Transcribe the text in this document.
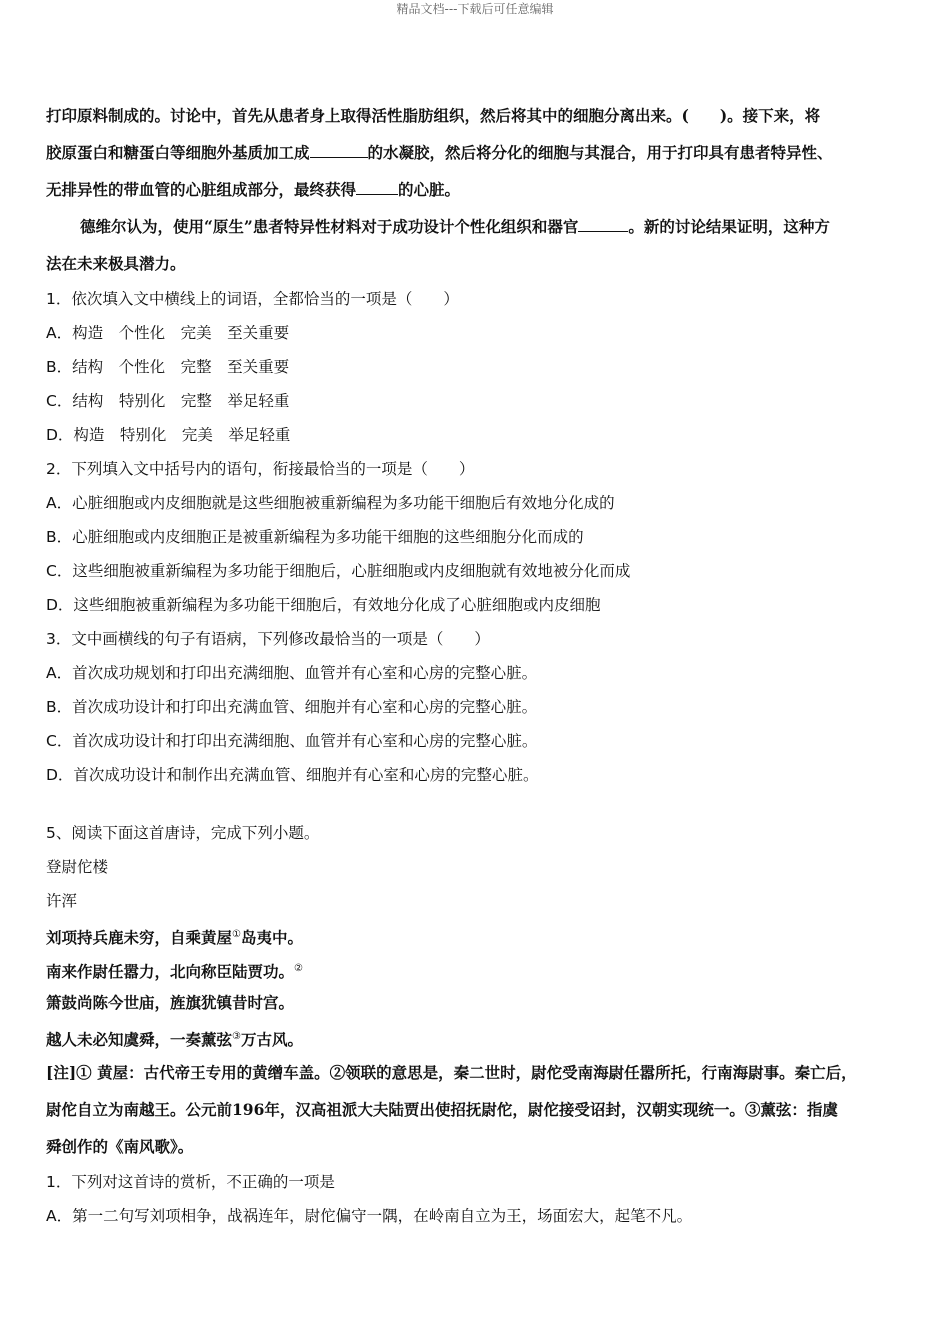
精品文档---下载后可任意编辑
打印原料制成的。讨论中，首先从患者身上取得活性脂肪组织，然后将其中的细胞分离出来。(　　)。接下来，将
胶原蛋白和糖蛋白等细胞外基质加工成	的水凝胶，然后将分化的细胞与其混合，用于打印具有患者特异性、
无排异性的带血管的心脏组成部分，最终获得	的心脏。
德维尔认为，使用“原生”患者特异性材料对于成功设计个性化组织和器官	。新的讨论结果证明，这种方
法在未来极具潜力。
1．依次填入文中横线上的词语，全都恰当的一项是（　　）
A．构造　个性化　完美　至关重要
B．结构　个性化　完整　至关重要
C．结构　特别化　完整　举足轻重
D．构造　特别化　完美　举足轻重
2．下列填入文中括号内的语句，衔接最恰当的一项是（　　）
A．心脏细胞或内皮细胞就是这些细胞被重新编程为多功能干细胞后有效地分化成的
B．心脏细胞或内皮细胞正是被重新编程为多功能干细胞的这些细胞分化而成的
C．这些细胞被重新编程为多功能于细胞后，心脏细胞或内皮细胞就有效地被分化而成
D．这些细胞被重新编程为多功能干细胞后，有效地分化成了心脏细胞或内皮细胞
3．文中画横线的句子有语病，下列修改最恰当的一项是（　　）
A．首次成功规划和打印出充满细胞、血管并有心室和心房的完整心脏。
B．首次成功设计和打印出充满血管、细胞并有心室和心房的完整心脏。
C．首次成功设计和打印出充满细胞、血管并有心室和心房的完整心脏。
D．首次成功设计和制作出充满血管、细胞并有心室和心房的完整心脏。
5、阅读下面这首唐诗，完成下列小题。
登尉佗楼
许浑
刘项持兵鹿未穷，自乘黄屋①岛夷中。
南来作尉任嚣力，北向称臣陆贾功。②
箫鼓尚陈今世庙，旌旗犹镇昔时宫。
越人未必知虞舜，一奏薰弦③万古风。
[注]① 黄屋：古代帝王专用的黄缯车盖。②领联的意思是，秦二世时，尉佗受南海尉任嚣所托，行南海尉事。秦亡后，
尉佗自立为南越王。公元前196年，汉高祖派大夫陆贾出使招抚尉佗，尉佗接受诏封，汉朝实现统一。③薰弦：指虞
舜创作的《南风歌》。
1．下列对这首诗的赏析，不正确的一项是
A．第一二句写刘项相争，战祸连年，尉佗偏守一隅，在岭南自立为王，场面宏大，起笔不凡。
